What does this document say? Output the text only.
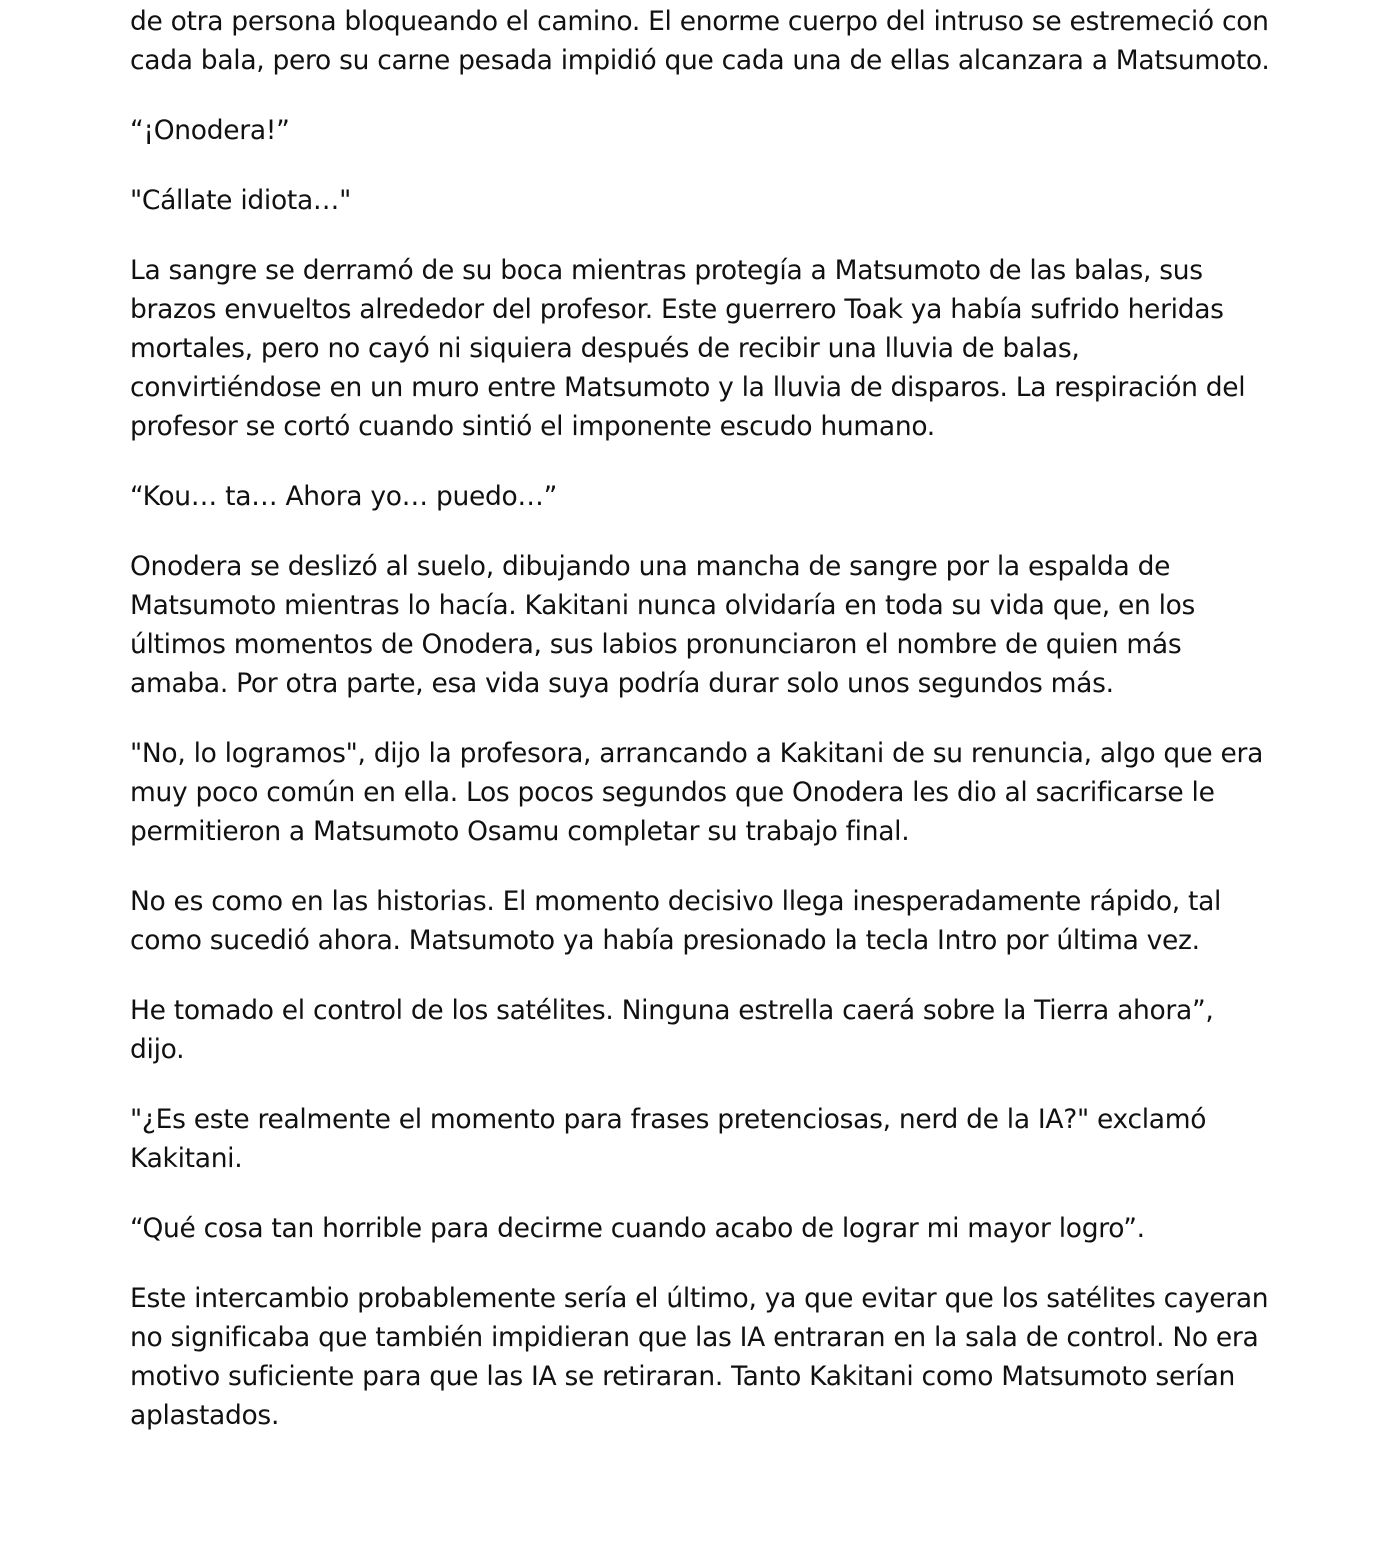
de otra persona bloqueando el camino. El enorme cuerpo del intruso se estremeció con
cada bala, pero su carne pesada impidió que cada una de ellas alcanzara a Matsumoto.

“¡Onodera!”

"Cállate idiota…"

La sangre se derramó de su boca mientras protegía a Matsumoto de las balas, sus
brazos envueltos alrededor del profesor. Este guerrero Toak ya había sufrido heridas
mortales, pero no cayó ni siquiera después de recibir una lluvia de balas,
convirtiéndose en un muro entre Matsumoto y la lluvia de disparos. La respiración del
profesor se cortó cuando sintió el imponente escudo humano.

“Kou… ta… Ahora yo… puedo…”

Onodera se deslizó al suelo, dibujando una mancha de sangre por la espalda de
Matsumoto mientras lo hacía. Kakitani nunca olvidaría en toda su vida que, en los
últimos momentos de Onodera, sus labios pronunciaron el nombre de quien más
amaba. Por otra parte, esa vida suya podría durar solo unos segundos más.

"No, lo logramos", dijo la profesora, arrancando a Kakitani de su renuncia, algo que era
muy poco común en ella. Los pocos segundos que Onodera les dio al sacrificarse le
permitieron a Matsumoto Osamu completar su trabajo final.

No es como en las historias. El momento decisivo llega inesperadamente rápido, tal
como sucedió ahora. Matsumoto ya había presionado la tecla Intro por última vez.

He tomado el control de los satélites. Ninguna estrella caerá sobre la Tierra ahora”,
dijo.

"¿Es este realmente el momento para frases pretenciosas, nerd de la IA?" exclamó
Kakitani.

“Qué cosa tan horrible para decirme cuando acabo de lograr mi mayor logro”.

Este intercambio probablemente sería el último, ya que evitar que los satélites cayeran
no significaba que también impidieran que las IA entraran en la sala de control. No era
motivo suficiente para que las IA se retiraran. Tanto Kakitani como Matsumoto serían
aplastados.
